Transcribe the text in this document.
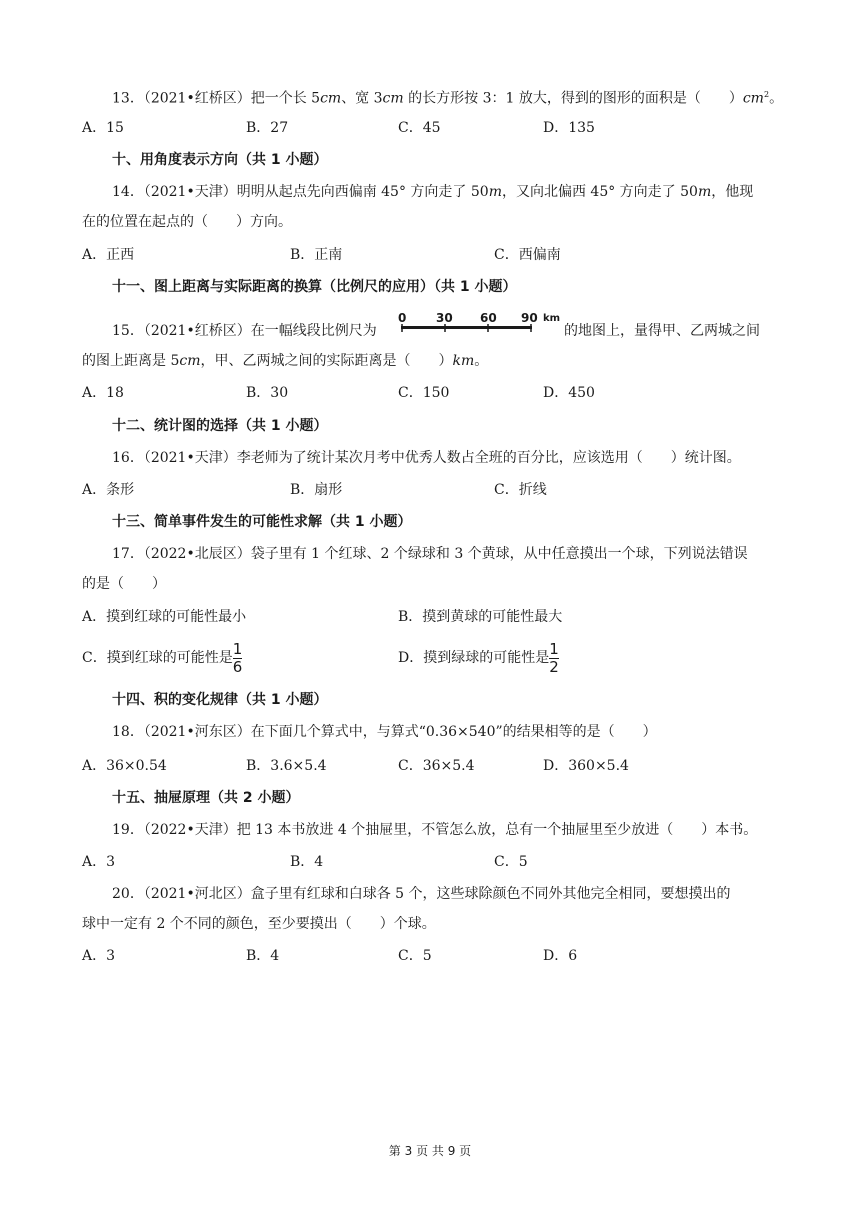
13．（2021•红桥区）把一个长 5cm、宽 3cm 的长方形按 3：1 放大，得到的图形的面积是（　　）$cm^2$。
A．15	B．27	C．45	D．135
十、用角度表示方向（共 1 小题）
14．（2021•天津）明明从起点先向西偏南 45° 方向走了 50m，又向北偏西 45° 方向走了 50m，他现
在的位置在起点的（　　）方向。
A．正西	B．正南	C．西偏南
十一、图上距离与实际距离的换算（比例尺的应用）（共 1 小题）
15．（2021•红桥区）在一幅线段比例尺为
0 30 60 90 km
的地图上，量得甲、乙两城之间
的图上距离是 5cm，甲、乙两城之间的实际距离是（　　）km。
A．18	B．30	C．150	D．450
十二、统计图的选择（共 1 小题）
16．（2021•天津）李老师为了统计某次月考中优秀人数占全班的百分比，应该选用（　　）统计图。
A．条形	B．扇形	C．折线
十三、简单事件发生的可能性求解（共 1 小题）
17．（2022•北辰区）袋子里有 1 个红球、2 个绿球和 3 个黄球，从中任意摸出一个球，下列说法错误
的是（　　）
A．摸到红球的可能性最小	B．摸到黄球的可能性最大
C．摸到红球的可能性是 $\frac{1}{6}$	D．摸到绿球的可能性是 $\frac{1}{2}$
十四、积的变化规律（共 1 小题）
18．（2021•河东区）在下面几个算式中，与算式“0.36×540”的结果相等的是（　　）
A．36×0.54	B．3.6×5.4	C．36×5.4	D．360×5.4
十五、抽屉原理（共 2 小题）
19．（2022•天津）把 13 本书放进 4 个抽屉里，不管怎么放，总有一个抽屉里至少放进（　　）本书。
A．3	B．4	C．5
20．（2021•河北区）盒子里有红球和白球各 5 个，这些球除颜色不同外其他完全相同，要想摸出的
球中一定有 2 个不同的颜色，至少要摸出（　　）个球。
A．3	B．4	C．5	D．6
第 3 页 共 9 页
